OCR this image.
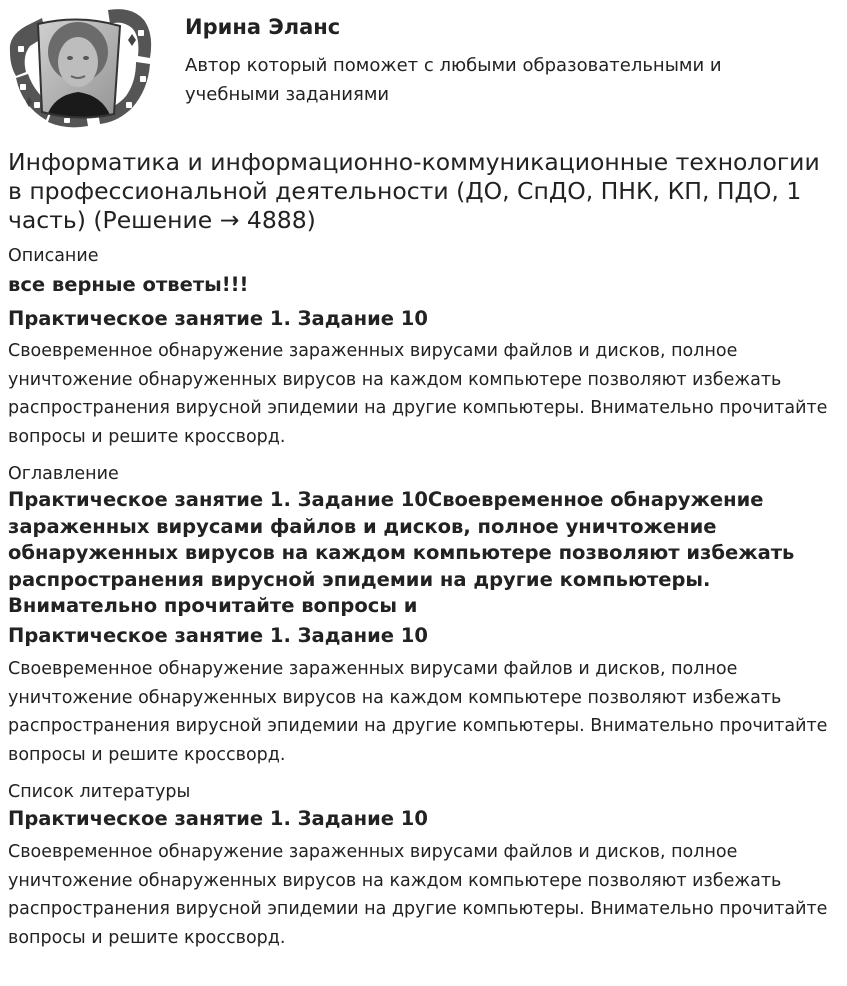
Ирина Эланс
Автор который поможет с любыми образовательными и учебными заданиями
Информатика и информационно-коммуникационные технологии в профессиональной деятельности (ДО, СпДО, ПНК, КП, ПДО, 1 часть) (Решение → 4888)

Описание

все верные ответы!!!

Практическое занятие 1. Задание 10

Своевременное обнаружение зараженных вирусами файлов и дисков, полное уничтожение обнаруженных вирусов на каждом компьютере позволяют избежать распространения вирусной эпидемии на другие компьютеры. Внимательно прочитайте вопросы и решите кроссворд.

Оглавление

Практическое занятие 1. Задание 10Своевременное обнаружение зараженных вирусами файлов и дисков, полное уничтожение обнаруженных вирусов на каждом компьютере позволяют избежать распространения вирусной эпидемии на другие компьютеры. Внимательно прочитайте вопросы и

Практическое занятие 1. Задание 10

Своевременное обнаружение зараженных вирусами файлов и дисков, полное уничтожение обнаруженных вирусов на каждом компьютере позволяют избежать распространения вирусной эпидемии на другие компьютеры. Внимательно прочитайте вопросы и решите кроссворд.

Список литературы

Практическое занятие 1. Задание 10

Своевременное обнаружение зараженных вирусами файлов и дисков, полное уничтожение обнаруженных вирусов на каждом компьютере позволяют избежать распространения вирусной эпидемии на другие компьютеры. Внимательно прочитайте вопросы и решите кроссворд.
